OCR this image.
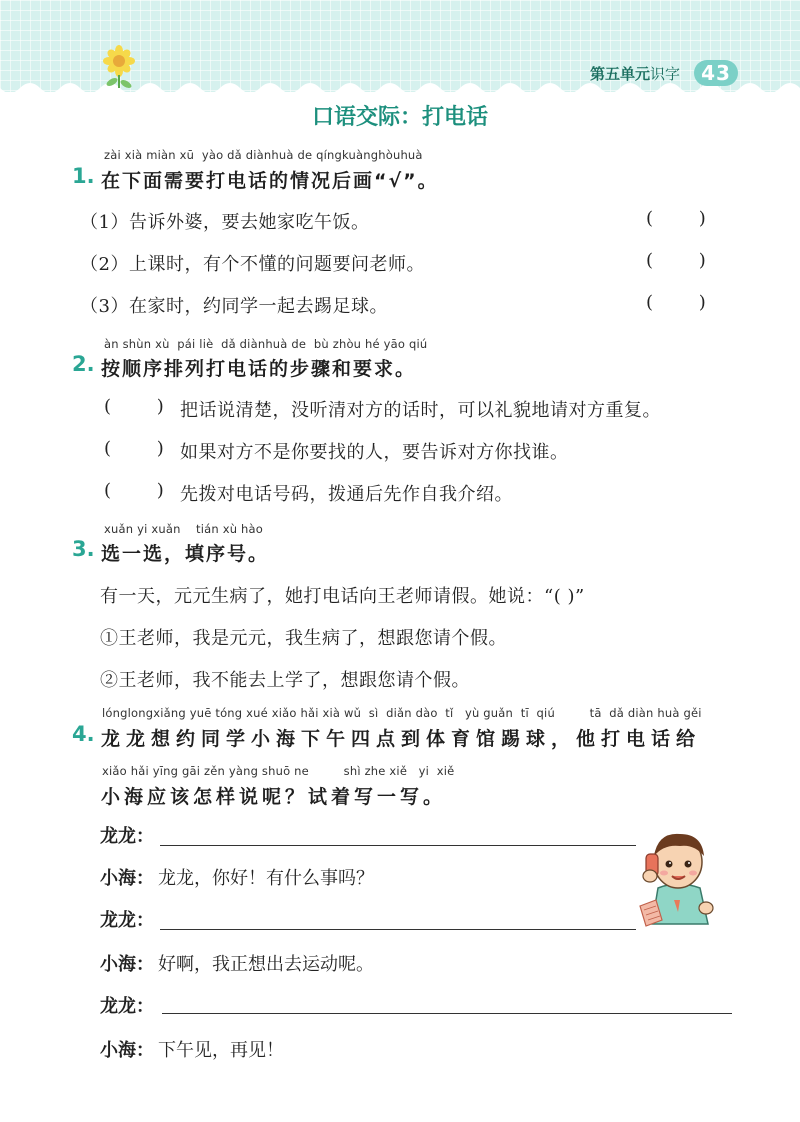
第五单元 识字	43
口语交际：打电话
zài xià miàn xū  yào dǎ diànhuà de qíngkuànghòuhuà
1. 在下面需要打电话的情况后画“√”。
（1）告诉外婆，要去她家吃午饭。	(        )
（2）上课时，有个不懂的问题要问老师。	(        )
（3）在家时，约同学一起去踢足球。	(        )
àn shùn xù  pái liè  dǎ diànhuà de  bù zhòu hé yāo qiú
2. 按顺序排列打电话的步骤和要求。
(        ) 把话说清楚，没听清对方的话时，可以礼貌地请对方重复。
(        ) 如果对方不是你要找的人，要告诉对方你找谁。
(        ) 先拨对电话号码，拨通后先作自我介绍。
xuǎn yi xuǎn    tián xù hào
3. 选一选，填序号。
有一天，元元生病了，她打电话向王老师请假。她说：“( )”
①王老师，我是元元，我生病了，想跟您请个假。
②王老师，我不能去上学了，想跟您请个假。
lónglongxiǎng yuē tóng xué xiǎo hǎi xià wǔ  sì  diǎn dào  tǐ   yù guǎn  tī  qiú         tā  dǎ diàn huà gěi
4. 龙龙想约同学小海下午四点到体育馆踢球，他打电话给
xiǎo hǎi yīng gāi zěn yàng shuō ne         shì zhe xiě   yi  xiě
小海应该怎样说呢？试着写一写。
龙龙：
小海： 龙龙，你好！有什么事吗？
龙龙：
小海： 好啊，我正想出去运动呢。
龙龙：
小海： 下午见，再见！
